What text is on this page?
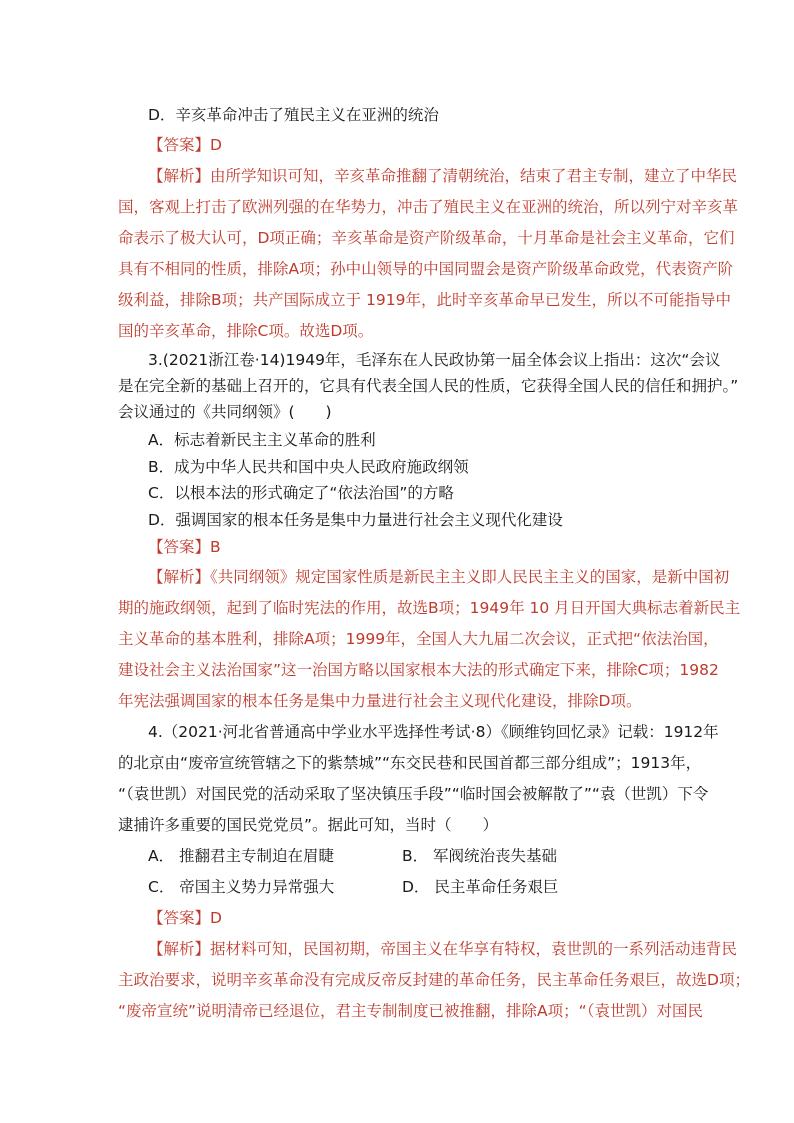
D．辛亥革命冲击了殖民主义在亚洲的统治
【答案】D
【解析】由所学知识可知，辛亥革命推翻了清朝统治，结束了君主专制，建立了中华民
国，客观上打击了欧洲列强的在华势力，冲击了殖民主义在亚洲的统治，所以列宁对辛亥革
命表示了极大认可，D项正确；辛亥革命是资产阶级革命，十月革命是社会主义革命，它们
具有不相同的性质，排除A项；孙中山领导的中国同盟会是资产阶级革命政党，代表资产阶
级利益，排除B项；共产国际成立于 1919年，此时辛亥革命早已发生，所以不可能指导中
国的辛亥革命，排除C项。故选D项。
3.(2021浙江卷·14)1949年，毛泽东在人民政协第一届全体会议上指出：这次“会议
是在完全新的基础上召开的，它具有代表全国人民的性质，它获得全国人民的信任和拥护。”
会议通过的《共同纲领》(　　)
A．标志着新民主主义革命的胜利
B．成为中华人民共和国中央人民政府施政纲领
C．以根本法的形式确定了“依法治国”的方略
D．强调国家的根本任务是集中力量进行社会主义现代化建设
【答案】B
【解析】《共同纲领》规定国家性质是新民主主义即人民民主主义的国家，是新中国初
期的施政纲领，起到了临时宪法的作用，故选B项；1949年 10 月日开国大典标志着新民主
主义革命的基本胜利，排除A项；1999年，全国人大九届二次会议，正式把“依法治国，
建设社会主义法治国家”这一治国方略以国家根本大法的形式确定下来，排除C项；1982
年宪法强调国家的根本任务是集中力量进行社会主义现代化建设，排除D项。
4.（2021·河北省普通高中学业水平选择性考试·8）《顾维钧回忆录》记载：1912年
的北京由“废帝宣统管辖之下的紫禁城”“东交民巷和民国首都三部分组成”；1913年，
“（袁世凯）对国民党的活动采取了坚决镇压手段”“临时国会被解散了”“袁（世凯）下令
逮捕许多重要的国民党党员”。据此可知，当时（　　）
A． 推翻君主专制迫在眉睫	B． 军阀统治丧失基础
C． 帝国主义势力异常强大	D． 民主革命任务艰巨
【答案】D
【解析】据材料可知，民国初期，帝国主义在华享有特权，袁世凯的一系列活动违背民
主政治要求，说明辛亥革命没有完成反帝反封建的革命任务，民主革命任务艰巨，故选D项；
“废帝宣统”说明清帝已经退位，君主专制制度已被推翻，排除A项；“（袁世凯）对国民
